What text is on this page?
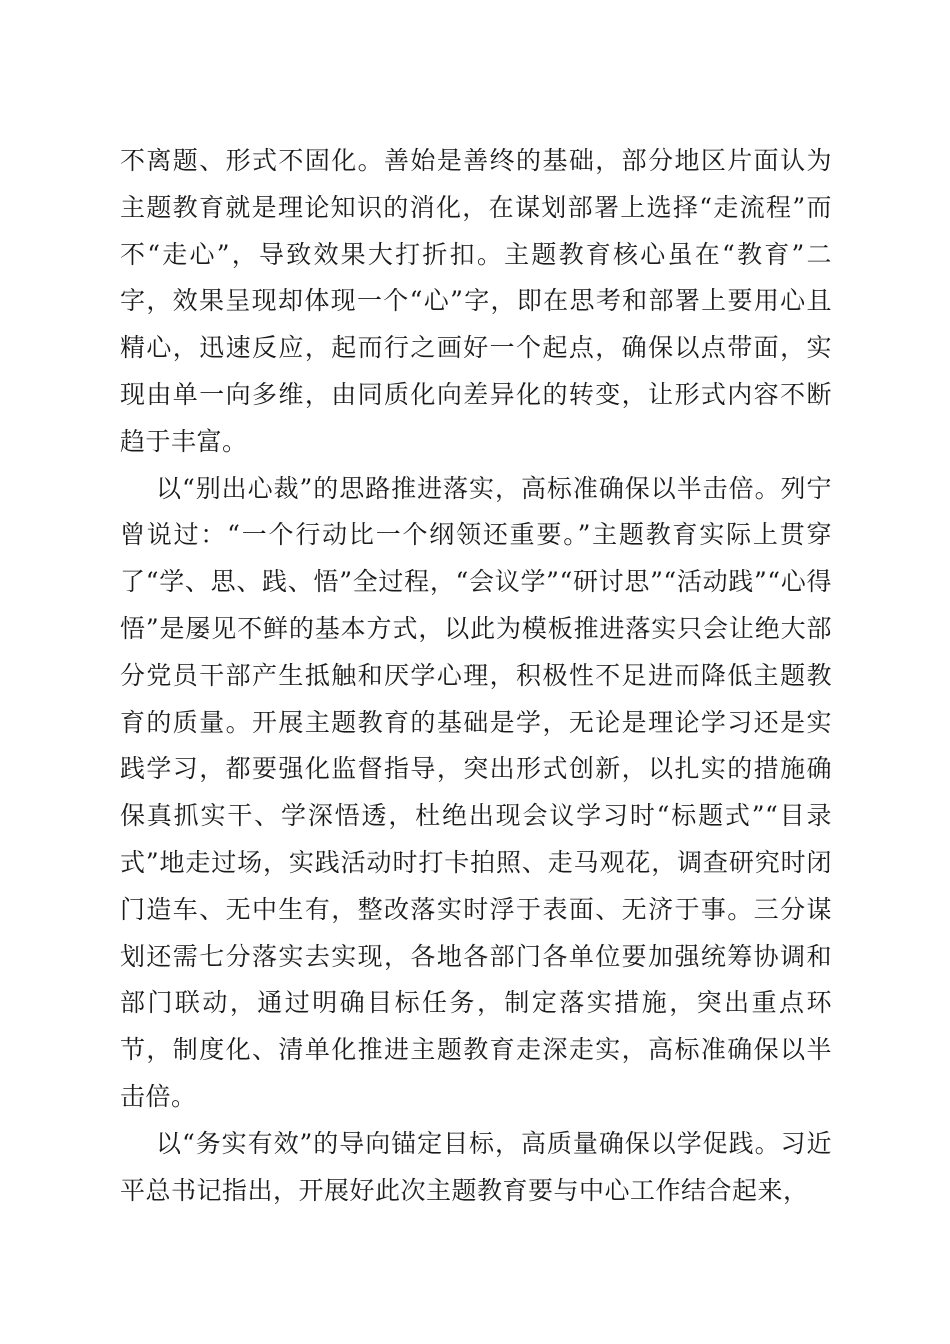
不离题、形式不固化。善始是善终的基础，部分地区片面认为主题教育就是理论知识的消化，在谋划部署上选择“走流程”而不“走心”，导致效果大打折扣。主题教育核心虽在“教育”二字，效果呈现却体现一个“心”字，即在思考和部署上要用心且精心，迅速反应，起而行之画好一个起点，确保以点带面，实现由单一向多维，由同质化向差异化的转变，让形式内容不断趋于丰富。

以“别出心裁”的思路推进落实，高标准确保以半击倍。列宁曾说过：“一个行动比一个纲领还重要。”主题教育实际上贯穿了“学、思、践、悟”全过程，“会议学”“研讨思”“活动践”“心得悟”是屡见不鲜的基本方式，以此为模板推进落实只会让绝大部分党员干部产生抵触和厌学心理，积极性不足进而降低主题教育的质量。开展主题教育的基础是学，无论是理论学习还是实践学习，都要强化监督指导，突出形式创新，以扎实的措施确保真抓实干、学深悟透，杜绝出现会议学习时“标题式”“目录式”地走过场，实践活动时打卡拍照、走马观花，调查研究时闭门造车、无中生有，整改落实时浮于表面、无济于事。三分谋划还需七分落实去实现，各地各部门各单位要加强统筹协调和部门联动，通过明确目标任务，制定落实措施，突出重点环节，制度化、清单化推进主题教育走深走实，高标准确保以半击倍。

以“务实有效”的导向锚定目标，高质量确保以学促践。习近平总书记指出，开展好此次主题教育要与中心工作结合起来，
